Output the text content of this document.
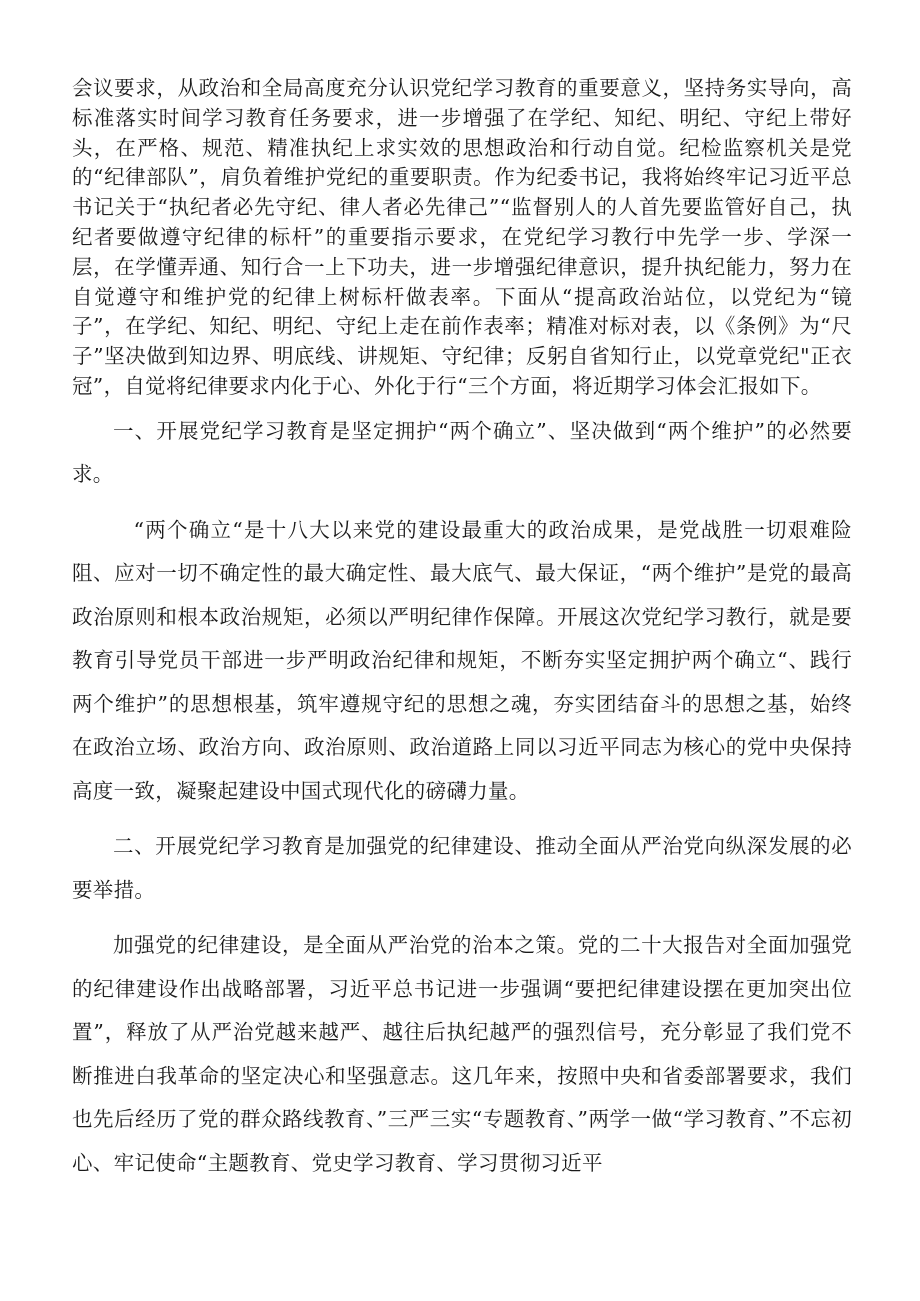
会议要求，从政治和全局高度充分认识党纪学习教育的重要意义，坚持务实导向，高标准落实时间学习教育任务要求，进一步增强了在学纪、知纪、明纪、守纪上带好头，在严格、规范、精准执纪上求实效的思想政治和行动自觉。纪检监察机关是党的“纪律部队”，肩负着维护党纪的重要职责。作为纪委书记，我将始终牢记习近平总书记关于“执纪者必先守纪、律人者必先律己”“监督别人的人首先要监管好自己，执纪者要做遵守纪律的标杆”的重要指示要求，在党纪学习教行中先学一步、学深一层，在学懂弄通、知行合一上下功夫，进一步增强纪律意识，提升执纪能力，努力在自觉遵守和维护党的纪律上树标杆做表率。下面从“提高政治站位，以党纪为“镜子”，在学纪、知纪、明纪、守纪上走在前作表率；精准对标对表，以《条例》为“尺子”坚决做到知边界、明底线、讲规矩、守纪律；反躬自省知行止，以党章党纪"正衣冠”，自觉将纪律要求内化于心、外化于行“三个方面，将近期学习体会汇报如下。

一、开展党纪学习教育是坚定拥护“两个确立”、坚决做到“两个维护”的必然要求。

“两个确立“是十八大以来党的建设最重大的政治成果，是党战胜一切艰难险阻、应对一切不确定性的最大确定性、最大底气、最大保证，“两个维护”是党的最高政治原则和根本政治规矩，必须以严明纪律作保障。开展这次党纪学习教行，就是要教育引导党员干部进一步严明政治纪律和规矩，不断夯实坚定拥护两个确立“、践行两个维护”的思想根基，筑牢遵规守纪的思想之魂，夯实团结奋斗的思想之基，始终在政治立场、政治方向、政治原则、政治道路上同以习近平同志为核心的党中央保持高度一致，凝聚起建设中国式现代化的磅礴力量。

二、开展党纪学习教育是加强党的纪律建设、推动全面从严治党向纵深发展的必要举措。

加强党的纪律建设，是全面从严治党的治本之策。党的二十大报告对全面加强党的纪律建设作出战略部署，习近平总书记进一步强调“要把纪律建设摆在更加突出位置”，释放了从严治党越来越严、越往后执纪越严的强烈信号，充分彰显了我们党不断推进白我革命的坚定决心和坚强意志。这几年来，按照中央和省委部署要求，我们也先后经历了党的群众路线教育、”三严三实“专题教育、”两学一做“学习教育、”不忘初心、牢记使命“主题教育、党史学习教育、学习贯彻习近平
